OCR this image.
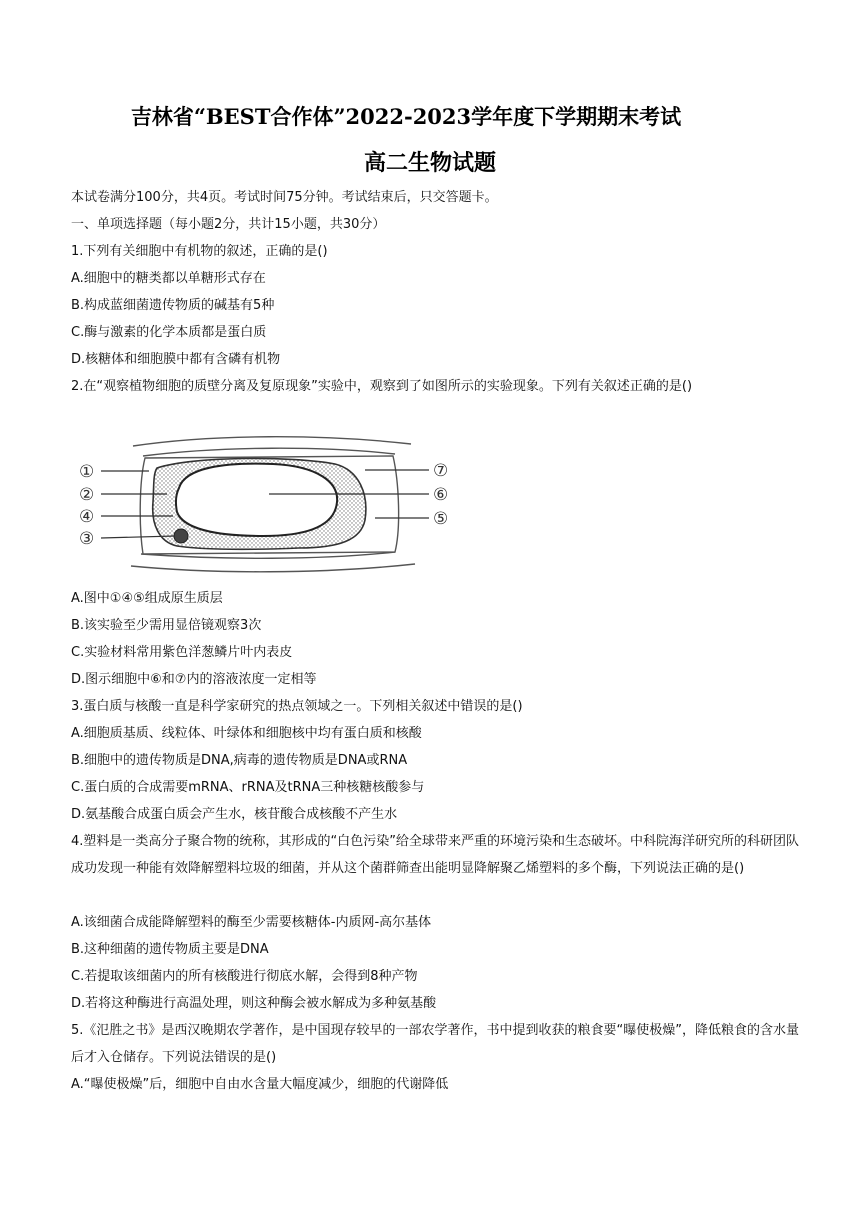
吉林省“BEST合作体”2022-2023学年度下学期期末考试
高二生物试题
本试卷满分100分，共4页。考试时间75分钟。考试结束后，只交答题卡。
一、单项选择题（每小题2分，共计15小题，共30分）
1.下列有关细胞中有机物的叙述，正确的是()
A.细胞中的糖类都以单糖形式存在
B.构成蓝细菌遗传物质的碱基有5种
C.酶与激素的化学本质都是蛋白质
D.核糖体和细胞膜中都有含磷有机物
2.在“观察植物细胞的质壁分离及复原现象”实验中，观察到了如图所示的实验现象。下列有关叙述正确的是()
①
②
④
③
⑦
⑥
⑤
A.图中①④⑤组成原生质层
B.该实验至少需用显倍镜观察3次
C.实验材料常用紫色洋葱鳞片叶内表皮
D.图示细胞中⑥和⑦内的溶液浓度一定相等
3.蛋白质与核酸一直是科学家研究的热点领域之一。下列相关叙述中错误的是()
A.细胞质基质、线粒体、叶绿体和细胞核中均有蛋白质和核酸
B.细胞中的遗传物质是DNA,病毒的遗传物质是DNA或RNA
C.蛋白质的合成需要mRNA、rRNA及tRNA三种核糖核酸参与
D.氨基酸合成蛋白质会产生水，核苷酸合成核酸不产生水
4.塑料是一类高分子聚合物的统称，其形成的“白色污染”给全球带来严重的环境污染和生态破坏。中科院海洋研究所的科研团队成功发现一种能有效降解塑料垃圾的细菌，并从这个菌群筛查出能明显降解聚乙烯塑料的多个酶，下列说法正确的是()
A.该细菌合成能降解塑料的酶至少需要核糖体-内质网-高尔基体
B.这种细菌的遗传物质主要是DNA
C.若提取该细菌内的所有核酸进行彻底水解，会得到8种产物
D.若将这种酶进行高温处理，则这种酶会被水解成为多种氨基酸
5.《氾胜之书》是西汉晚期农学著作，是中国现存较早的一部农学著作，书中提到收获的粮食要“曝使极燥”，降低粮食的含水量后才入仓储存。下列说法错误的是()
A.“曝使极燥”后，细胞中自由水含量大幅度减少，细胞的代谢降低
